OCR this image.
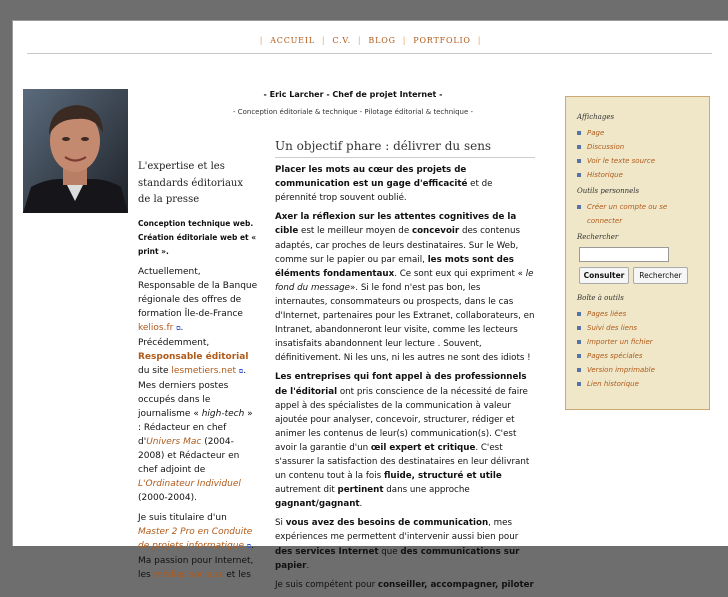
| ACCUEIL | C.V. | BLOG | PORTFOLIO |
- Eric Larcher - Chef de projet Internet -
- Conception éditoriale & technique - Pilotage éditorial & technique -
L'expertise et les standards éditoriaux de la presse

Conception technique web. Création éditoriale web et « print ».

Actuellement, Responsable de la Banque régionale des offres de formation Île-de-France kelios.fr ⧉.
Précédemment, Responsable éditorial du site lesmetiers.net ⧉. Mes derniers postes occupés dans le journalisme « high-tech » : Rédacteur en chef d'Univers Mac (2004-2008) et Rédacteur en chef adjoint de L'Ordinateur Individuel (2000-2004).

Je suis titulaire d'un Master 2 Pro en Conduite de projets informatique ⧉. Ma passion pour Internet, les médias sociaux et les

Un objectif phare : délivrer du sens

Placer les mots au cœur des projets de communication est un gage d'efficacité et de pérennité trop souvent oublié.

Axer la réflexion sur les attentes cognitives de la cible est le meilleur moyen de concevoir des contenus adaptés, car proches de leurs destinataires. Sur le Web, comme sur le papier ou par email, les mots sont des éléments fondamentaux. Ce sont eux qui expriment « le fond du message». Si le fond n'est pas bon, les internautes, consommateurs ou prospects, dans le cas d'Internet, partenaires pour les Extranet, collaborateurs, en Intranet, abandonneront leur visite, comme les lecteurs insatisfaits abandonnent leur lecture . Souvent, définitivement. Ni les uns, ni les autres ne sont des idiots !

Les entreprises qui font appel à des professionnels de l'éditorial ont pris conscience de la nécessité de faire appel à des spécialistes de la communication à valeur ajoutée pour analyser, concevoir, structurer, rédiger et animer les contenus de leur(s) communication(s). C'est avoir la garantie d'un œil expert et critique. C'est s'assurer la satisfaction des destinataires en leur délivrant un contenu tout à la fois fluide, structuré et utile autrement dit pertinent dans une approche gagnant/gagnant.

Si vous avez des besoins de communication, mes expériences me permettent d'intervenir aussi bien pour des services Internet que des communications sur papier.

Je suis compétent pour conseiller, accompagner, piloter

Affichages
Page
Discussion
Voir le texte source
Historique
Outils personnels
Créer un compte ou se connecter
Rechercher
Consulter	Rechercher
Boîte à outils
Pages liées
Suivi des liens
Importer un fichier
Pages spéciales
Version imprimable
Lien historique
